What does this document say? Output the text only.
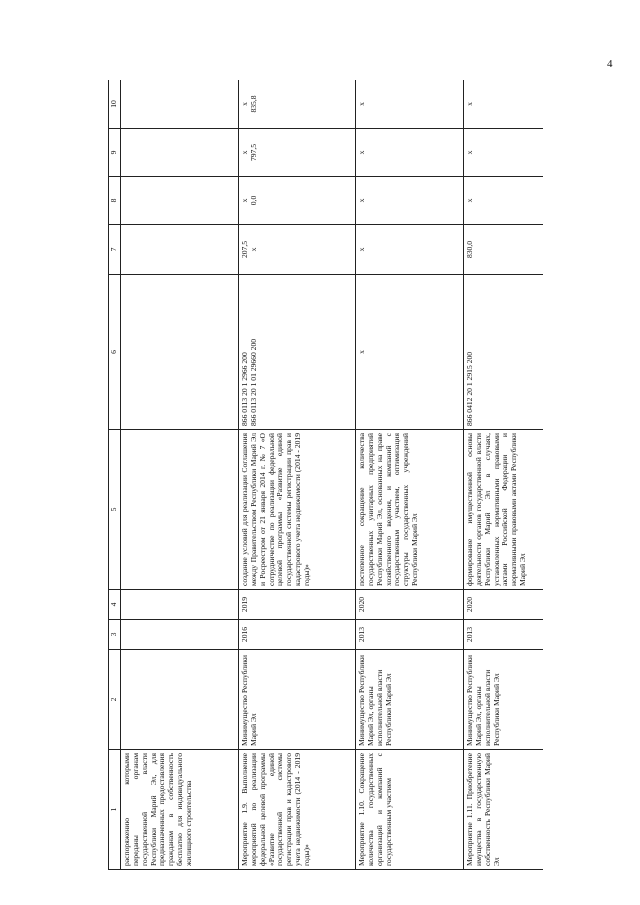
4
1	2	3	4	5	6	7	8	9	10
распоряжению которыми переданы органам государственной власти Республики Марий Эл, для предназначенных предоставления гражданам в собственность бесплатно для индивидуального жилищного строительства									
Мероприятие 1.9. Выполнение мероприятий по реализации федеральной целевой программы «Развитие единой государственной системы регистрации прав и кадастрового учета недвижимости (2014 - 2019 годы)»	Минимущество Республики Марий Эл	2016	2019	создание условий для реализации Соглашения между Правительством Республики Марий Эл и Росреестром от 21 января 2014 г. № 7 «О сотрудничестве по реализации федеральной целевой программы «Развитие единой государственной системы регистрации прав и кадастрового учета недвижимости (2014 - 2019 годы)»	866 0113 20 1 2966 200 866 0113 20 1 01 29660 200	207,5 x	x 0,0	x 797,5	x 835,8

Мероприятие 1.10. Сокращение количества государственных организаций и компаний с государственным участием	Минимущество Республики Марий Эл, органы исполнительной власти Республики Марий Эл	2013	2020	постепенное сокращение количества государственных унитарных предприятий Республики Марий Эл, основанных на праве хозяйственного ведения, и компаний с государственным участием, оптимизация структуры государственных учреждений Республики Марий Эл	x	x	x	x	x
Мероприятие 1.11. Приобретение имущества в государственную собственность Республики Марий Эл	Минимущество Республики Марий Эл, органы исполнительной власти Республики Марий Эл	2013	2020	формирование имущественной основы деятельности органов государственной власти Республики Марий Эл в случаях, установленных нормативными правовыми актами Российской Федерации и нормативными правовыми актами Республики Марий Эл	866 0412 20 1 2915 200	830,0	x	x	x
